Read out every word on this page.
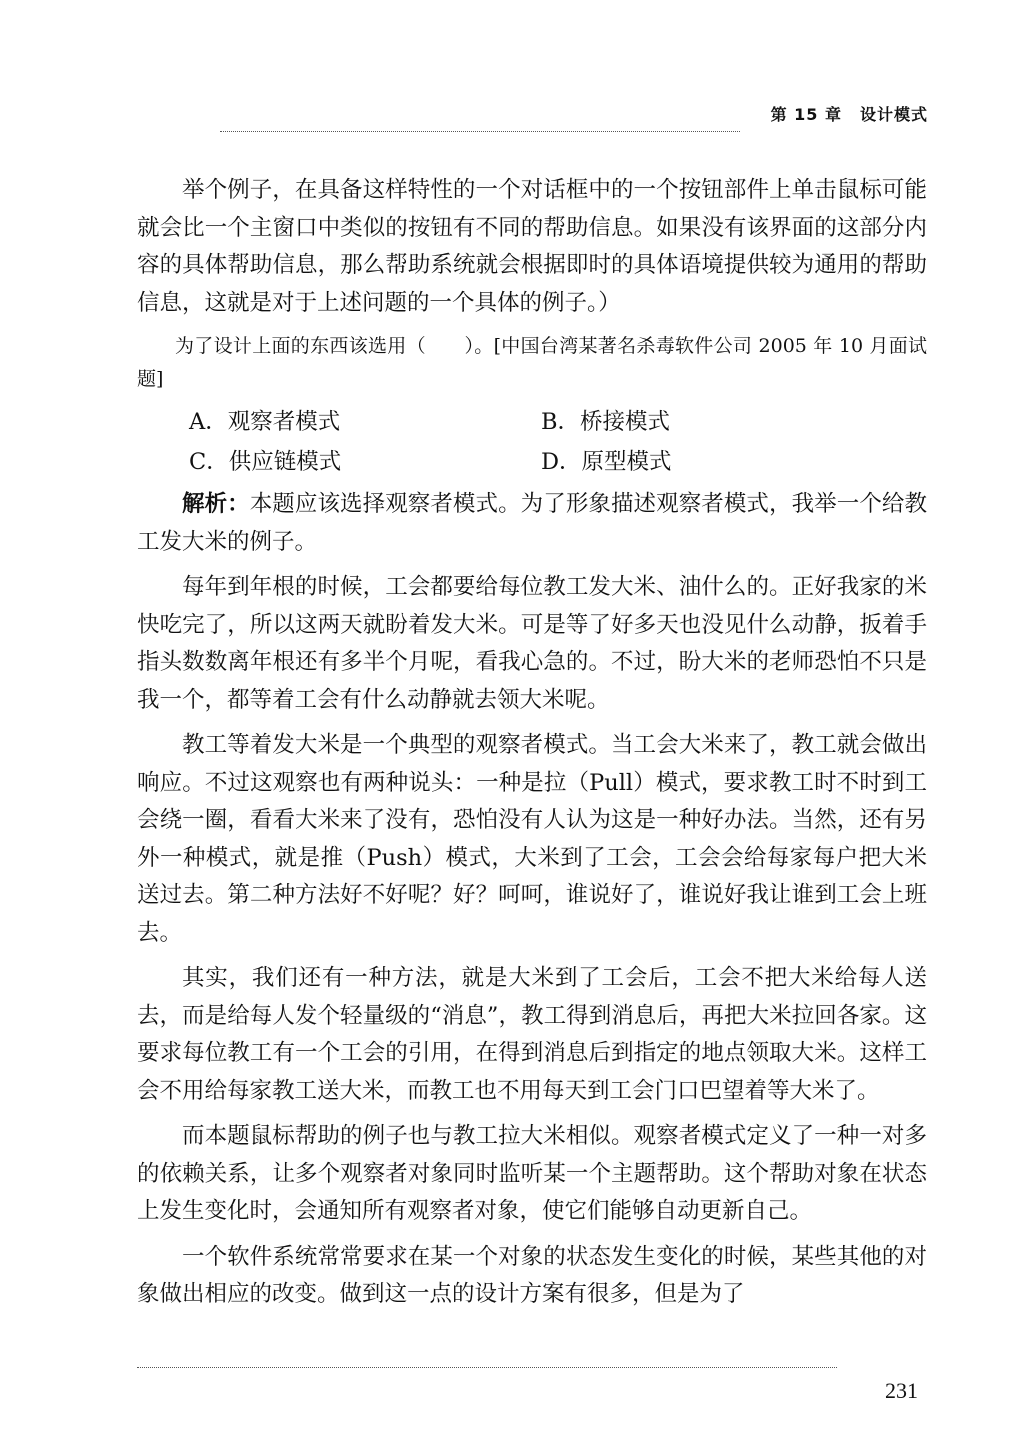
第 15 章 设计模式

举个例子，在具备这样特性的一个对话框中的一个按钮部件上单击鼠标可能就会比一个主窗口中类似的按钮有不同的帮助信息。如果没有该界面的这部分内容的具体帮助信息，那么帮助系统就会根据即时的具体语境提供较为通用的帮助信息，这就是对于上述问题的一个具体的例子。）

为了设计上面的东西该选用（　　）。[中国台湾某著名杀毒软件公司 2005 年 10 月面试题]

A．观察者模式	B．桥接模式
C．供应链模式	D．原型模式

解析：本题应该选择观察者模式。为了形象描述观察者模式，我举一个给教工发大米的例子。

每年到年根的时候，工会都要给每位教工发大米、油什么的。正好我家的米快吃完了，所以这两天就盼着发大米。可是等了好多天也没见什么动静，扳着手指头数数离年根还有多半个月呢，看我心急的。不过，盼大米的老师恐怕不只是我一个，都等着工会有什么动静就去领大米呢。

教工等着发大米是一个典型的观察者模式。当工会大米来了，教工就会做出响应。不过这观察也有两种说头：一种是拉（Pull）模式，要求教工时不时到工会绕一圈，看看大米来了没有，恐怕没有人认为这是一种好办法。当然，还有另外一种模式，就是推（Push）模式，大米到了工会，工会会给每家每户把大米送过去。第二种方法好不好呢？好？呵呵，谁说好了，谁说好我让谁到工会上班去。

其实，我们还有一种方法，就是大米到了工会后，工会不把大米给每人送去，而是给每人发个轻量级的“消息”，教工得到消息后，再把大米拉回各家。这要求每位教工有一个工会的引用，在得到消息后到指定的地点领取大米。这样工会不用给每家教工送大米，而教工也不用每天到工会门口巴望着等大米了。

而本题鼠标帮助的例子也与教工拉大米相似。观察者模式定义了一种一对多的依赖关系，让多个观察者对象同时监听某一个主题帮助。这个帮助对象在状态上发生变化时，会通知所有观察者对象，使它们能够自动更新自己。

一个软件系统常常要求在某一个对象的状态发生变化的时候，某些其他的对象做出相应的改变。做到这一点的设计方案有很多，但是为了

231
